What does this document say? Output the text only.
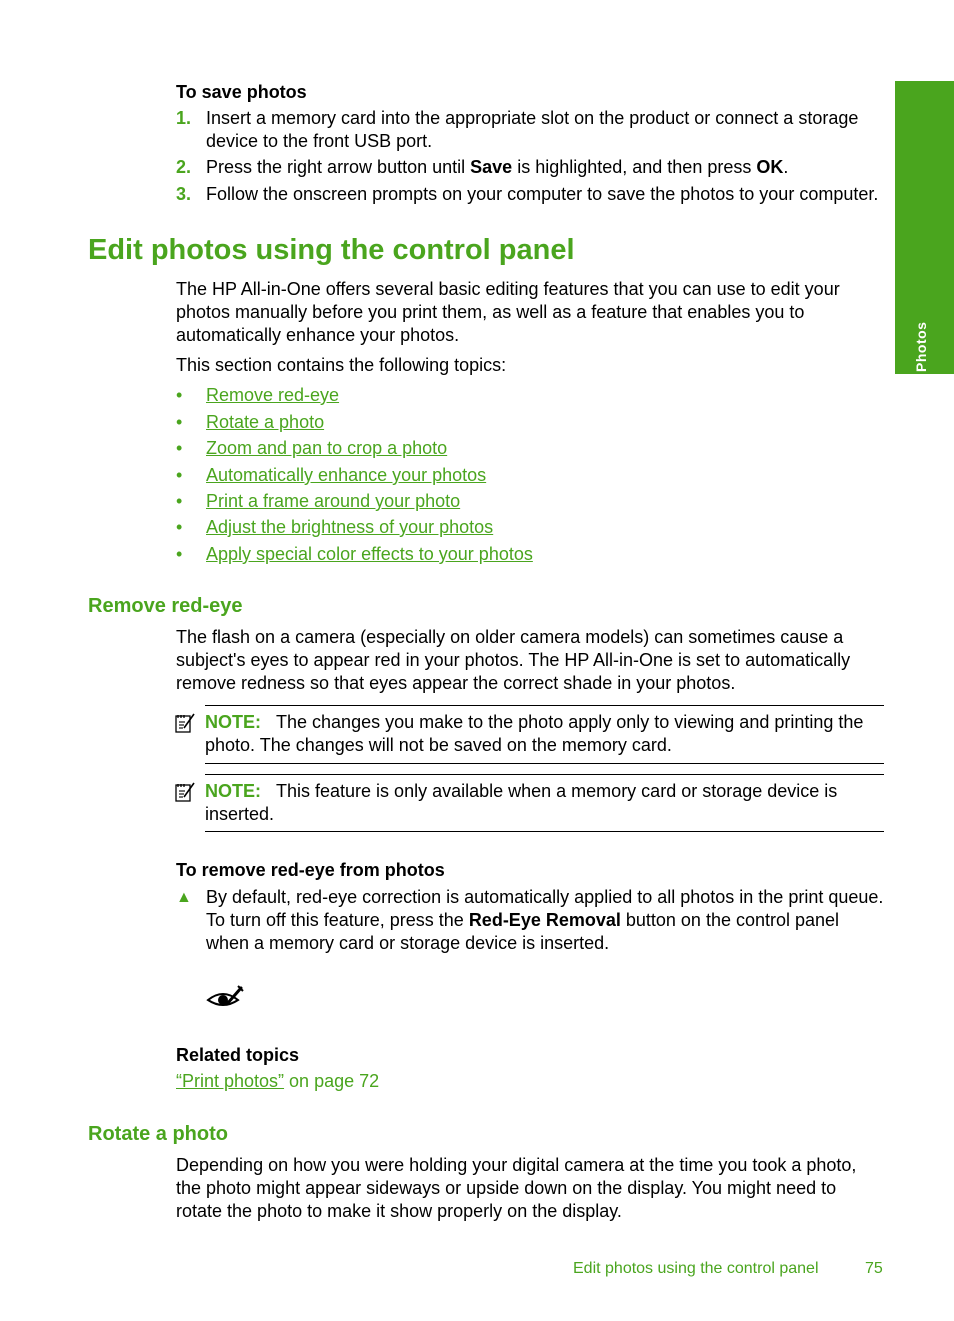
Photos
To save photos
1. Insert a memory card into the appropriate slot on the product or connect a storage device to the front USB port.
2. Press the right arrow button until Save is highlighted, and then press OK.
3. Follow the onscreen prompts on your computer to save the photos to your computer.
Edit photos using the control panel
The HP All-in-One offers several basic editing features that you can use to edit your photos manually before you print them, as well as a feature that enables you to automatically enhance your photos.
This section contains the following topics:
• Remove red-eye
• Rotate a photo
• Zoom and pan to crop a photo
• Automatically enhance your photos
• Print a frame around your photo
• Adjust the brightness of your photos
• Apply special color effects to your photos
Remove red-eye
The flash on a camera (especially on older camera models) can sometimes cause a subject's eyes to appear red in your photos. The HP All-in-One is set to automatically remove redness so that eyes appear the correct shade in your photos.
NOTE: The changes you make to the photo apply only to viewing and printing the photo. The changes will not be saved on the memory card.
NOTE: This feature is only available when a memory card or storage device is inserted.
To remove red-eye from photos
▲ By default, red-eye correction is automatically applied to all photos in the print queue. To turn off this feature, press the Red-Eye Removal button on the control panel when a memory card or storage device is inserted.
Related topics
“Print photos” on page 72
Rotate a photo
Depending on how you were holding your digital camera at the time you took a photo, the photo might appear sideways or upside down on the display. You might need to rotate the photo to make it show properly on the display.
Edit photos using the control panel	75
